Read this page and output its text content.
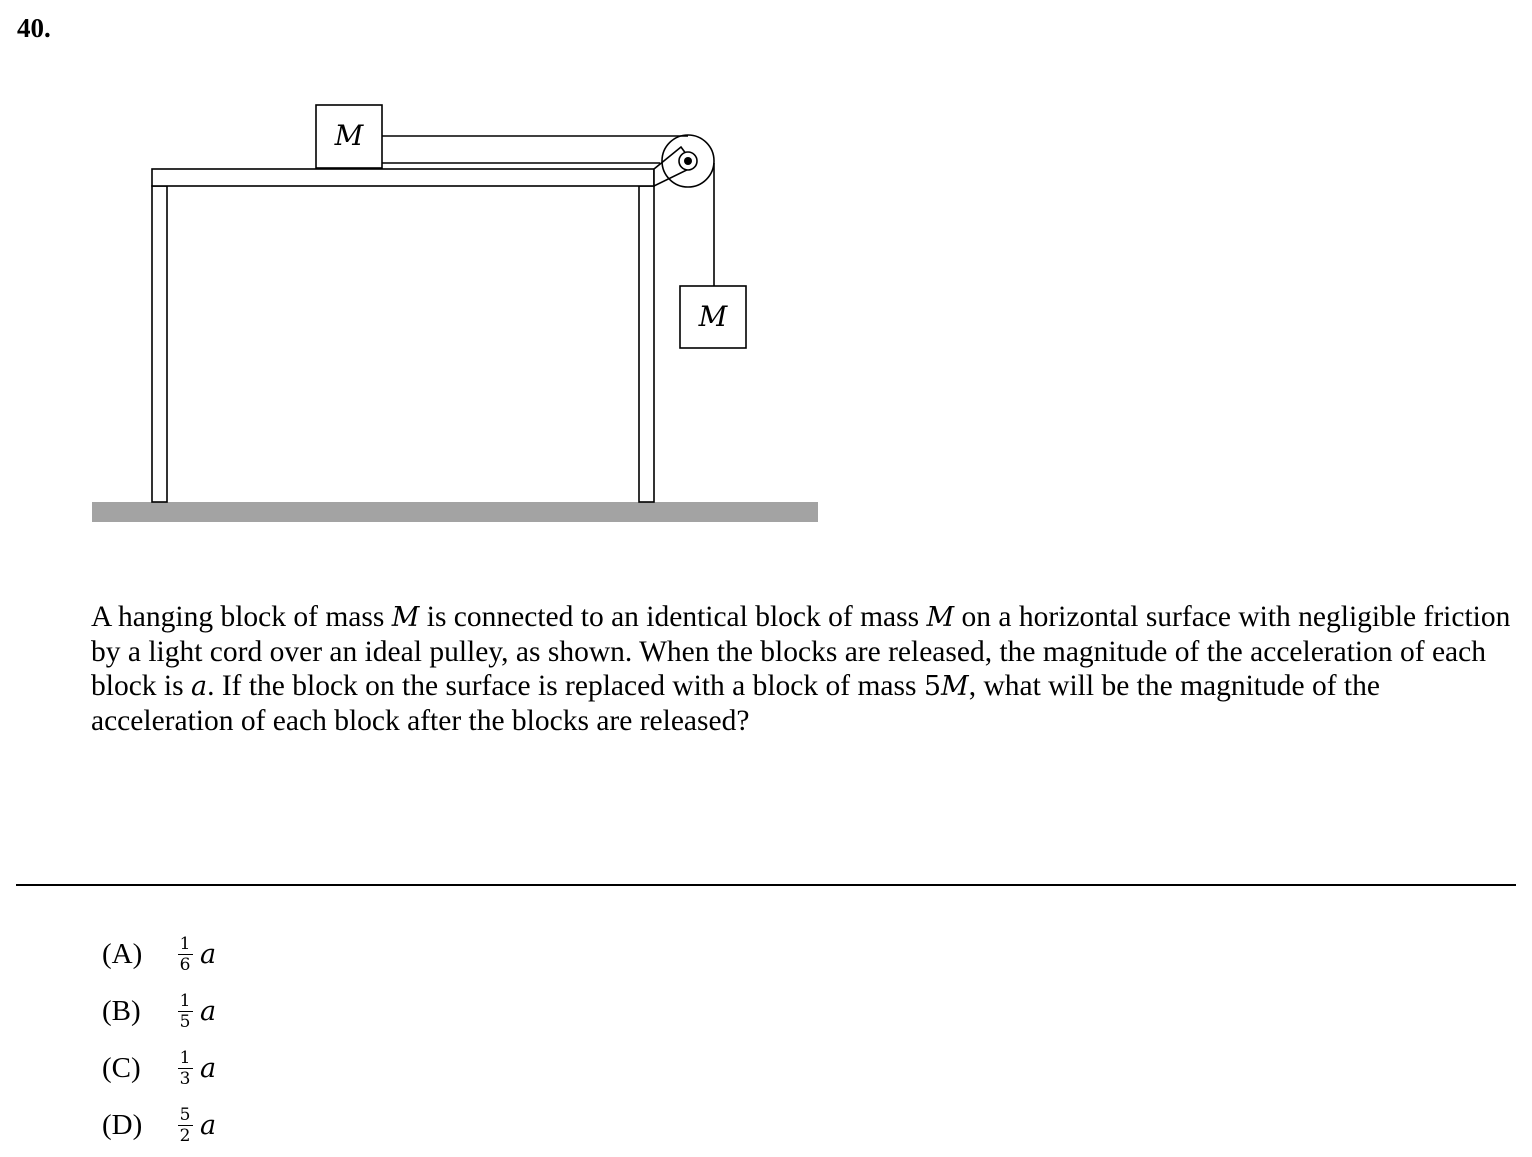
40.
M
M
A hanging block of mass M is connected to an identical block of mass M on a horizontal surface with negligible friction by a light cord over an ideal pulley, as shown. When the blocks are released, the magnitude of the acceleration of each block is a. If the block on the surface is replaced with a block of mass 5M, what will be the magnitude of the acceleration of each block after the blocks are released?
(A)	$\frac{1}{6}$ a
(B)	$\frac{1}{5}$ a
(C)	$\frac{1}{3}$ a
(D)	$\frac{5}{2}$ a
